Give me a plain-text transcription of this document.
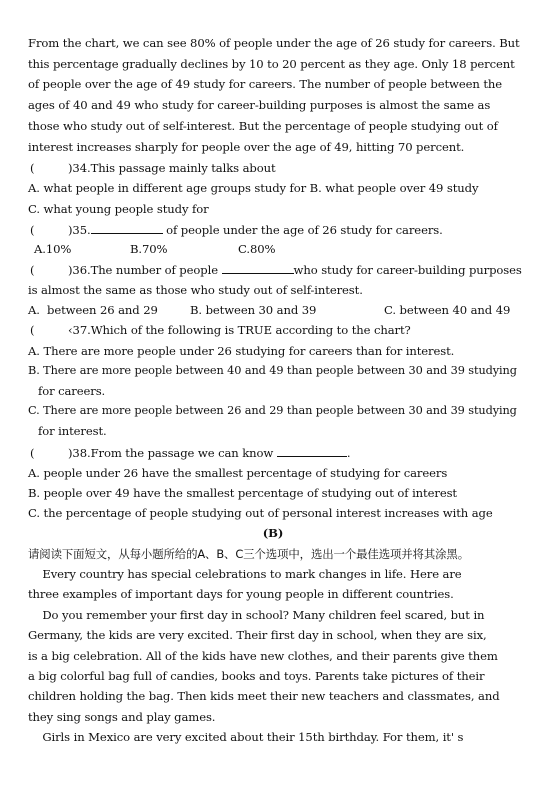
From the chart, we can see 80% of people under the age of 26 study for careers. But
this percentage gradually declines by 10 to 20 percent as they age. Only 18 percent
of people over the age of 49 study for careers. The number of people between the
ages of 40 and 49 who study for career-building purposes is almost the same as
those who study out of self-interest. But the percentage of people studying out of
interest increases sharply for people over the age of 49, hitting 70 percent.
(	)34.This passage mainly talks about
A. what people in different age groups study for B. what people over 49 study
C. what young people study for
(	)35.	of people under the age of 26 study for careers.
A.10%	B.70%	C.80%
(	)36.The number of people	who study for career-building purposes
is almost the same as those who study out of self-interest.
A.  between 26 and 29	B. between 30 and 39	C. between 40 and 49
(	‹37.Which of the following is TRUE according to the chart?
A. There are more people under 26 studying for careers than for interest.
B. There are more people between 40 and 49 than people between 30 and 39 studying
for careers.
C. There are more people between 26 and 29 than people between 30 and 39 studying
for interest.
(	)38.From the passage we can know	.
A. people under 26 have the smallest percentage of studying for careers
B. people over 49 have the smallest percentage of studying out of interest
C. the percentage of people studying out of personal interest increases with age
(B)
请阅读下面短文，从每小题所给的A、B、C三个选项中，选出一个最佳选项并将其涂黑。
Every country has special celebrations to mark changes in life. Here are
three examples of important days for young people in different countries.
Do you remember your first day in school? Many children feel scared, but in
Germany, the kids are very excited. Their first day in school, when they are six,
is a big celebration. All of the kids have new clothes, and their parents give them
a big colorful bag full of candies, books and toys. Parents take pictures of their
children holding the bag. Then kids meet their new teachers and classmates, and
they sing songs and play games.
Girls in Mexico are very excited about their 15th birthday. For them, it' s
